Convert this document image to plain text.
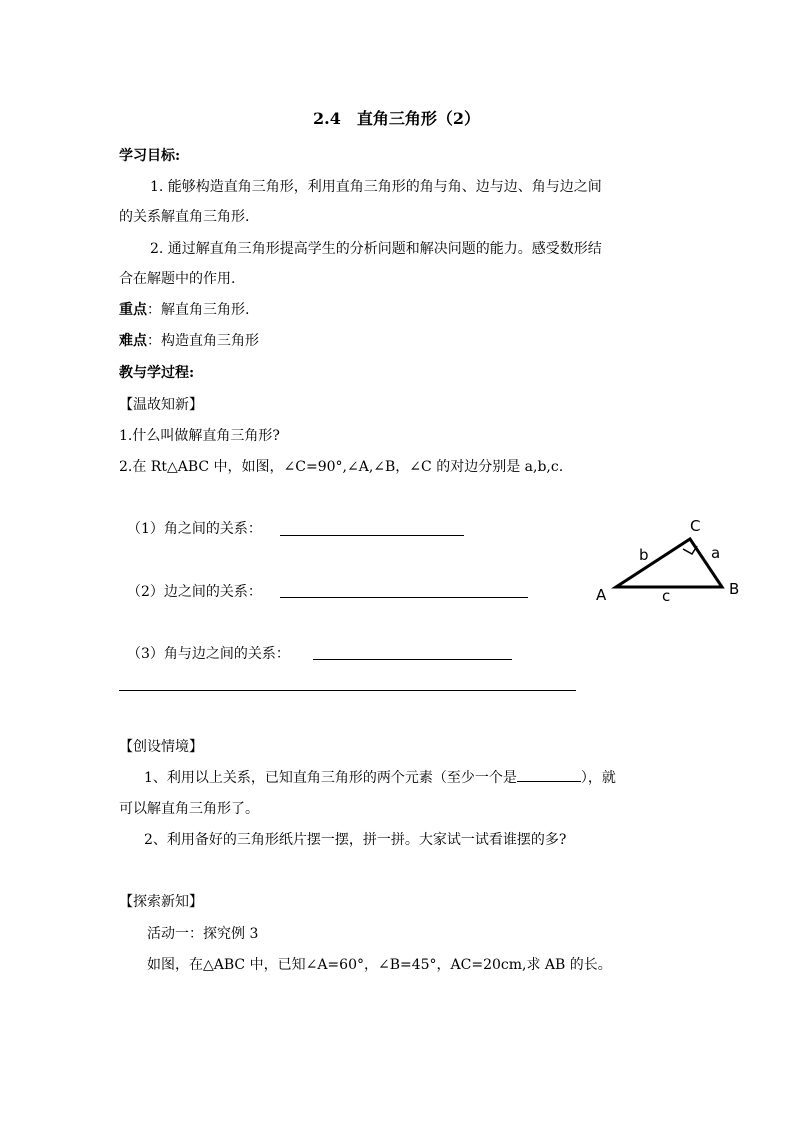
2.4　直角三角形（2）
学习目标:
1. 能够构造直角三角形，利用直角三角形的角与角、边与边、角与边之间
的关系解直角三角形.
2. 通过解直角三角形提高学生的分析问题和解决问题的能力。感受数形结
合在解题中的作用.
重点：解直角三角形.
难点：构造直角三角形
教与学过程:
【温故知新】
1.什么叫做解直角三角形?
2.在 Rt△ABC 中，如图，∠C=90°,∠A,∠B，∠C 的对边分别是 a,b,c.
（1）角之间的关系：
（2）边之间的关系：
（3）角与边之间的关系：
A	B
C
a
b
c
【创设情境】
1、利用以上关系，已知直角三角形的两个元素（至少一个是	），就
可以解直角三角形了。
2、利用备好的三角形纸片摆一摆，拼一拼。大家试一试看谁摆的多?
【探索新知】
活动一：探究例 3
如图，在△ABC 中，已知∠A=60°，∠B=45°，AC=20cm,求 AB 的长。
